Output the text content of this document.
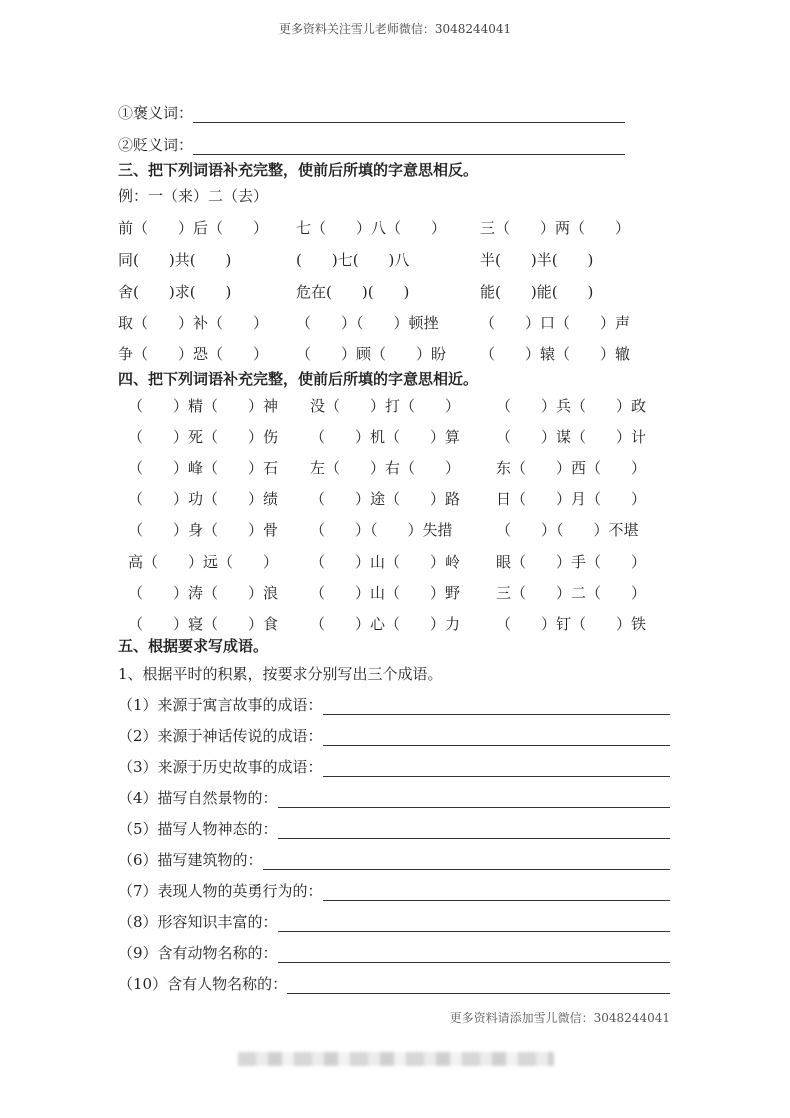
更多资料关注雪儿老师微信：3048244041
①褒义词：
②贬义词：
三、把下列词语补充完整，使前后所填的字意思相反。
例：一（来）二（去）
前（　　）后（　　） 七（　　）八（　　） 三（　　）两（　　）
同(　　)共(　　)	(　　)七(　　)八	半(　　)半(　　)
舍(　　)求(　　)	危在(　　)(　　)	能(　　)能(　　)
取（　　）补（　　） （　　）（　　）顿挫	（　　）口（　　）声
争（　　）恐（　　） （　　）顾（　　）盼 （　　）辕（　　）辙
四、把下列词语补充完整，使前后所填的字意思相近。
（　　）精（　　）神 没（　　）打（　　） （　　）兵（　　）政
（　　）死（　　）伤 （　　）机（　　）算 （　　）谋（　　）计
（　　）峰（　　）石 左（　　）右（　　） 东（　　）西（　　）
（　　）功（　　）绩 （　　）途（　　）路 日（　　）月（　　）
（　　）身（　　）骨 （　　）（　　）失措	（　　）（　　）不堪
高（　　）远（　　） （　　）山（　　）岭 眼（　　）手（　　）
（　　）涛（　　）浪 （　　）山（　　）野 三（　　）二（　　）
（　　）寝（　　）食 （　　）心（　　）力 （　　）钉（　　）铁
五、根据要求写成语。
1、根据平时的积累，按要求分别写出三个成语。
（1）来源于寓言故事的成语：
（2）来源于神话传说的成语：
（3）来源于历史故事的成语：
（4）描写自然景物的：
（5）描写人物神态的：
（6）描写建筑物的：
（7）表现人物的英勇行为的：
（8）形容知识丰富的：
（9）含有动物名称的：
（10）含有人物名称的：
更多资料请添加雪儿微信：3048244041
